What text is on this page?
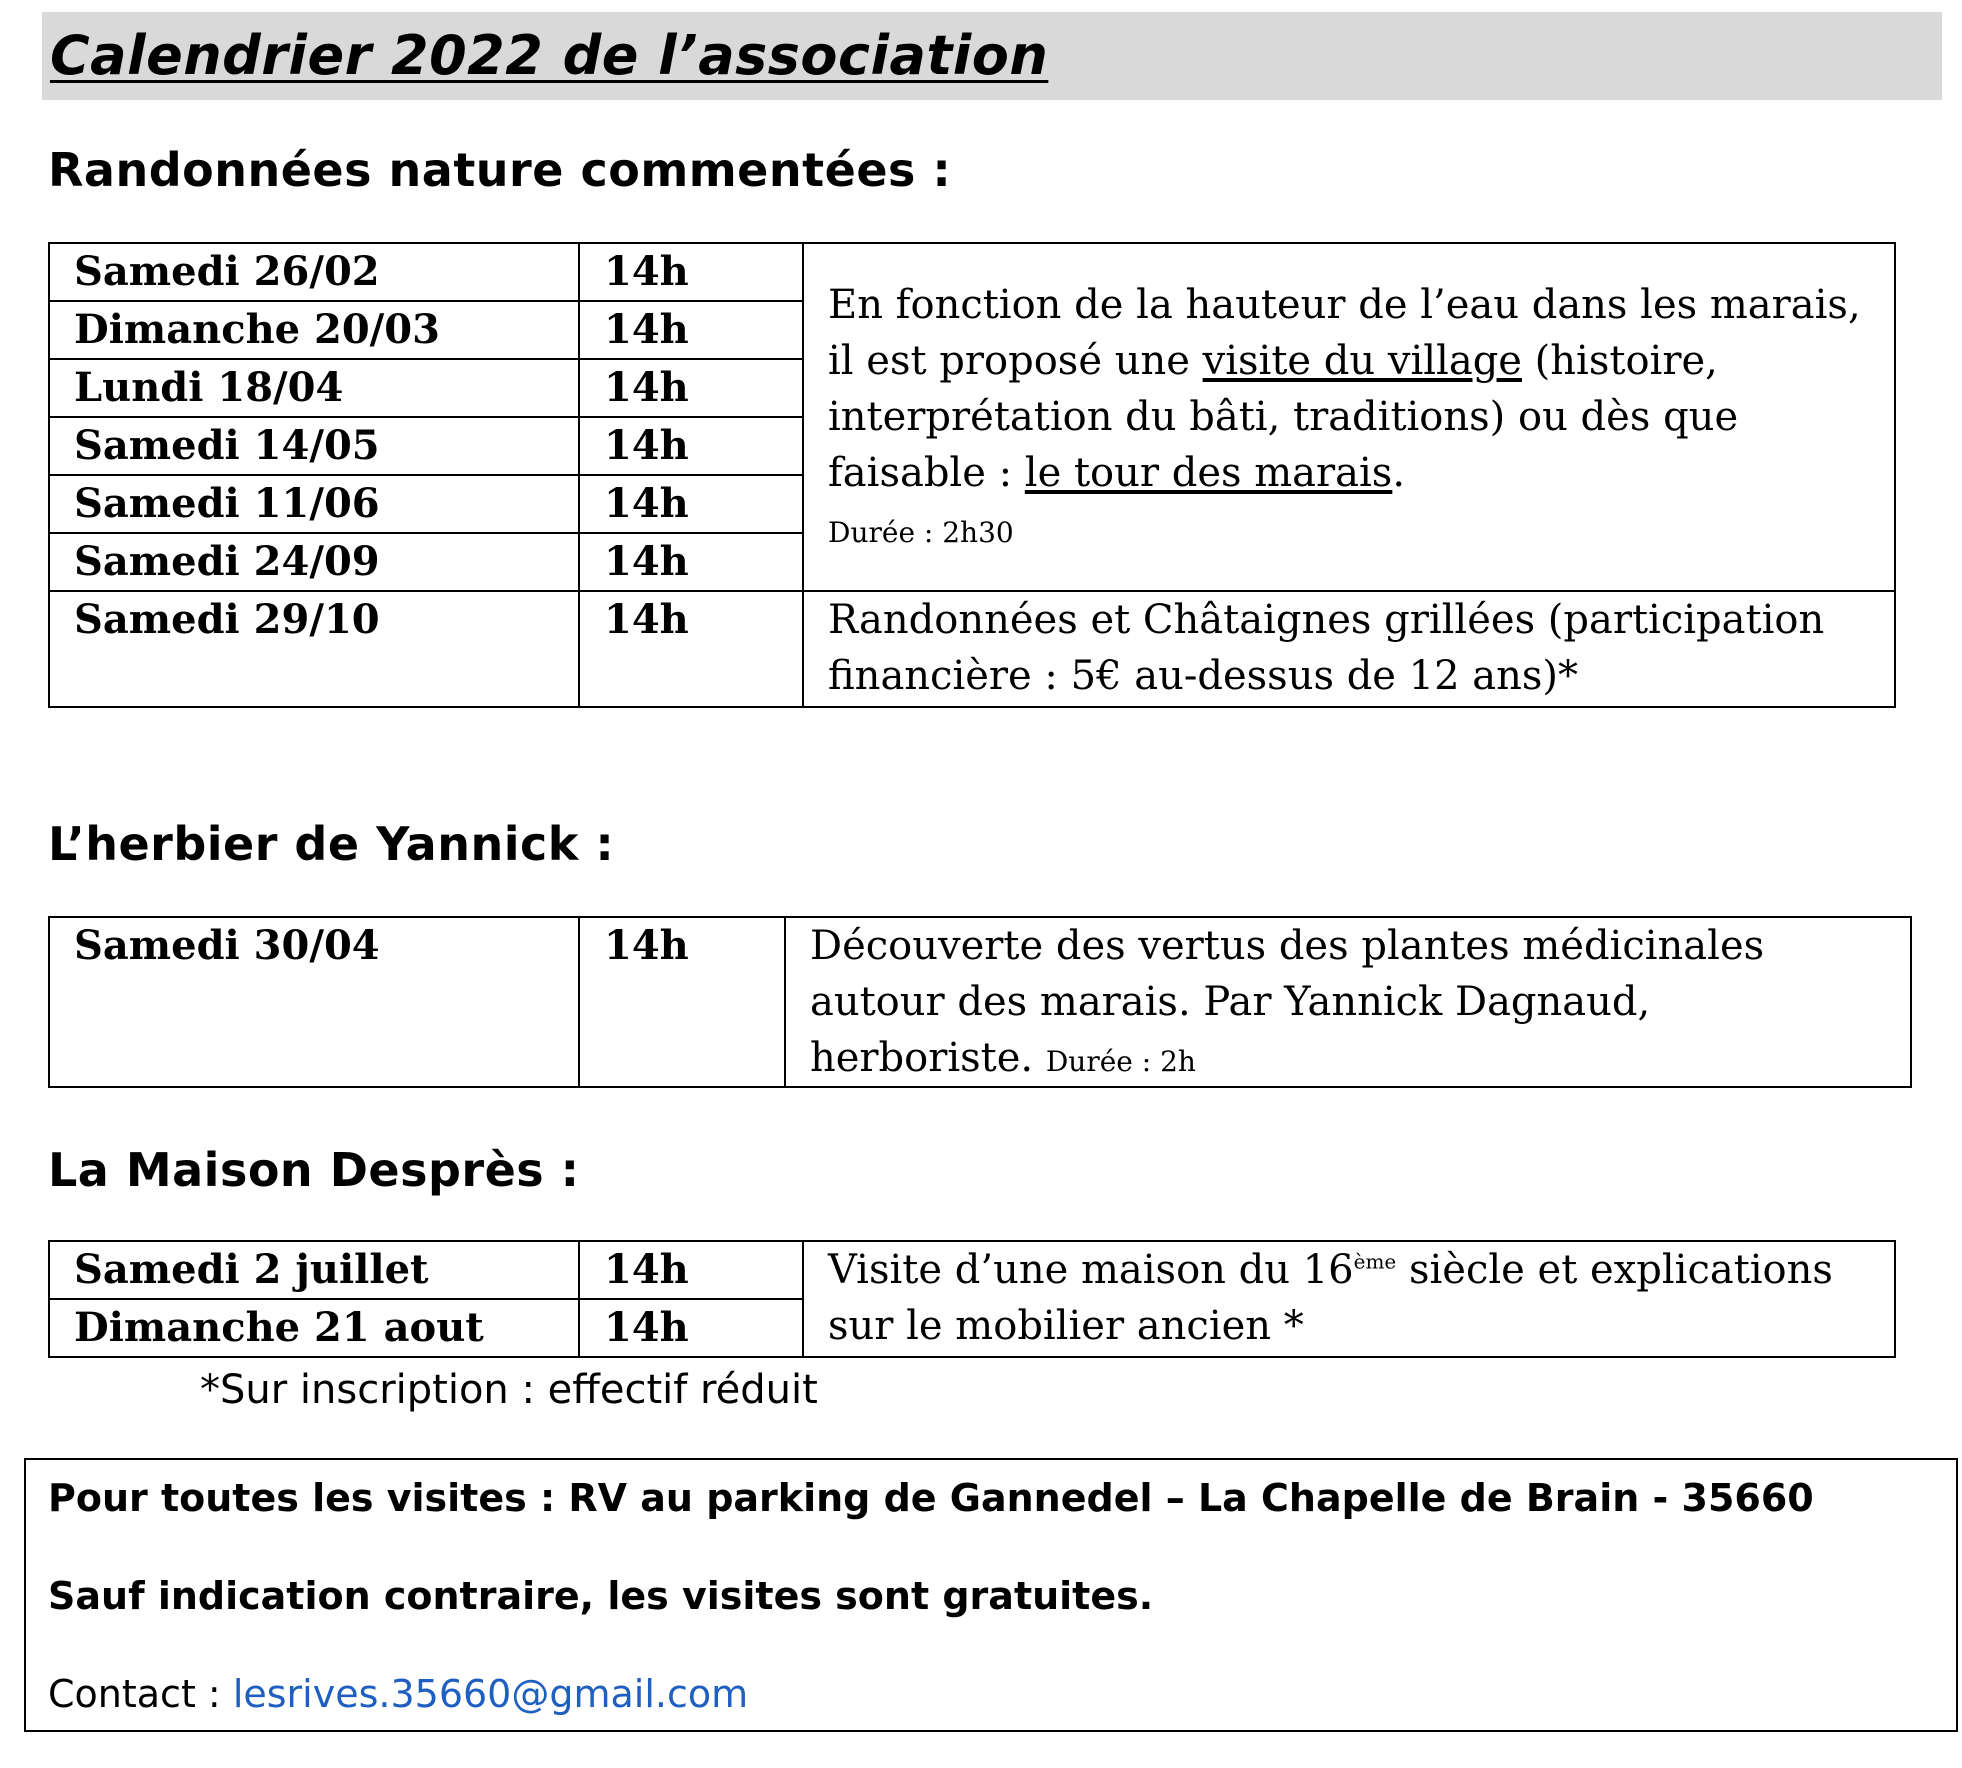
Calendrier 2022 de l’association
Randonnées nature commentées :
Samedi 26/02	14h	En fonction de la hauteur de l’eau dans les marais, il est proposé une visite du village (histoire, interprétation du bâti, traditions) ou dès que faisable : le tour des marais.
Durée : 2h30
Dimanche 20/03	14h	
Lundi 18/04	14h	
Samedi 14/05	14h	
Samedi 11/06	14h	
Samedi 24/09	14h	
Samedi 29/10	14h	Randonnées et Châtaignes grillées (participation financière : 5€ au-dessus de 12 ans)*
L’herbier de Yannick :
Samedi 30/04	14h	Découverte des vertus des plantes médicinales autour des marais. Par Yannick Dagnaud, herboriste. Durée : 2h
La Maison Desprès :
Samedi 2 juillet	14h	Visite d’une maison du 16ème siècle et explications sur le mobilier ancien *
Dimanche 21 aout	14h	

*Sur inscription : effectif réduit

Pour toutes les visites : RV au parking de Gannedel – La Chapelle de Brain - 35660

Sauf indication contraire, les visites sont gratuites.

Contact : lesrives.35660@gmail.com
